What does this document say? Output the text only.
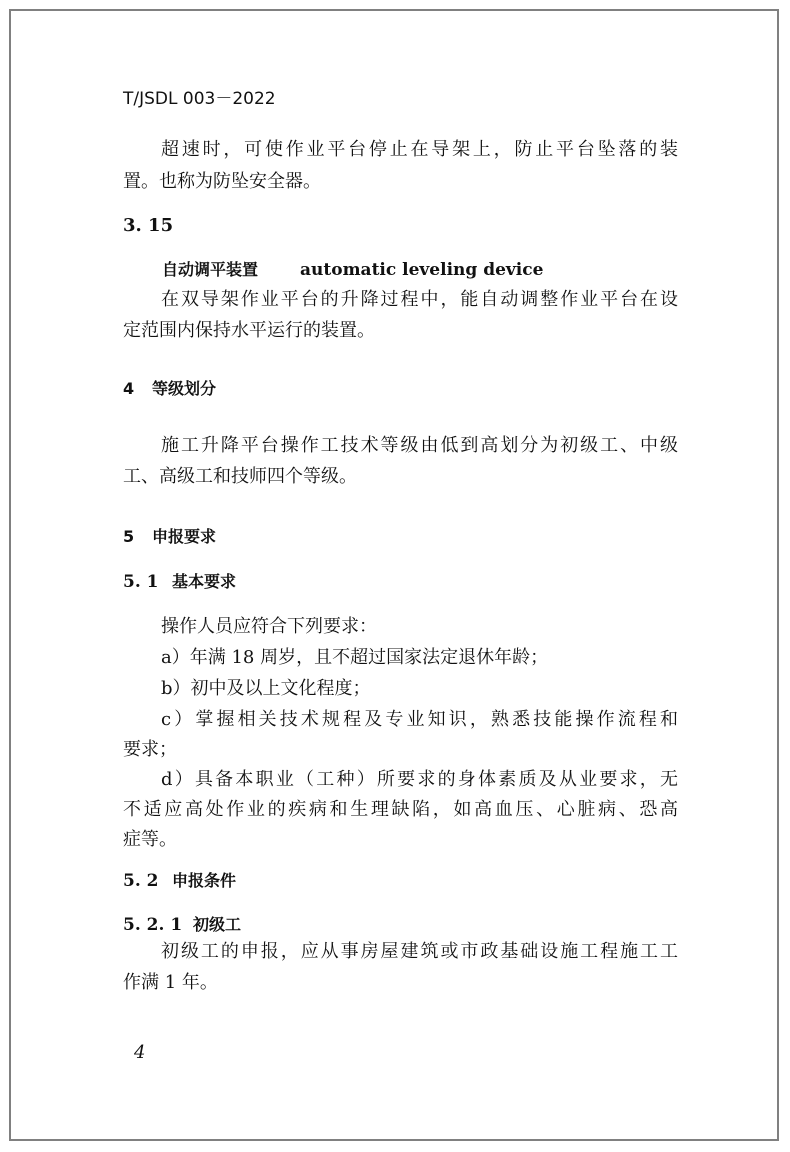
T/JSDL 003－2022
超速时，可使作业平台停止在导架上，防止平台坠落的装
置。也称为防坠安全器。
3. 15
自动调平装置 automatic leveling device
在双导架作业平台的升降过程中，能自动调整作业平台在设
定范围内保持水平运行的装置。
4 等级划分
施工升降平台操作工技术等级由低到高划分为初级工、中级
工、高级工和技师四个等级。
5 申报要求
5. 1 基本要求
操作人员应符合下列要求：
a）年满 18 周岁，且不超过国家法定退休年龄；
b）初中及以上文化程度；
c）掌握相关技术规程及专业知识，熟悉技能操作流程和
要求；
d）具备本职业（工种）所要求的身体素质及从业要求，无
不适应高处作业的疾病和生理缺陷，如高血压、心脏病、恐高
症等。
5. 2 申报条件
5. 2. 1 初级工
初级工的申报，应从事房屋建筑或市政基础设施工程施工工
作满 1 年。
4
